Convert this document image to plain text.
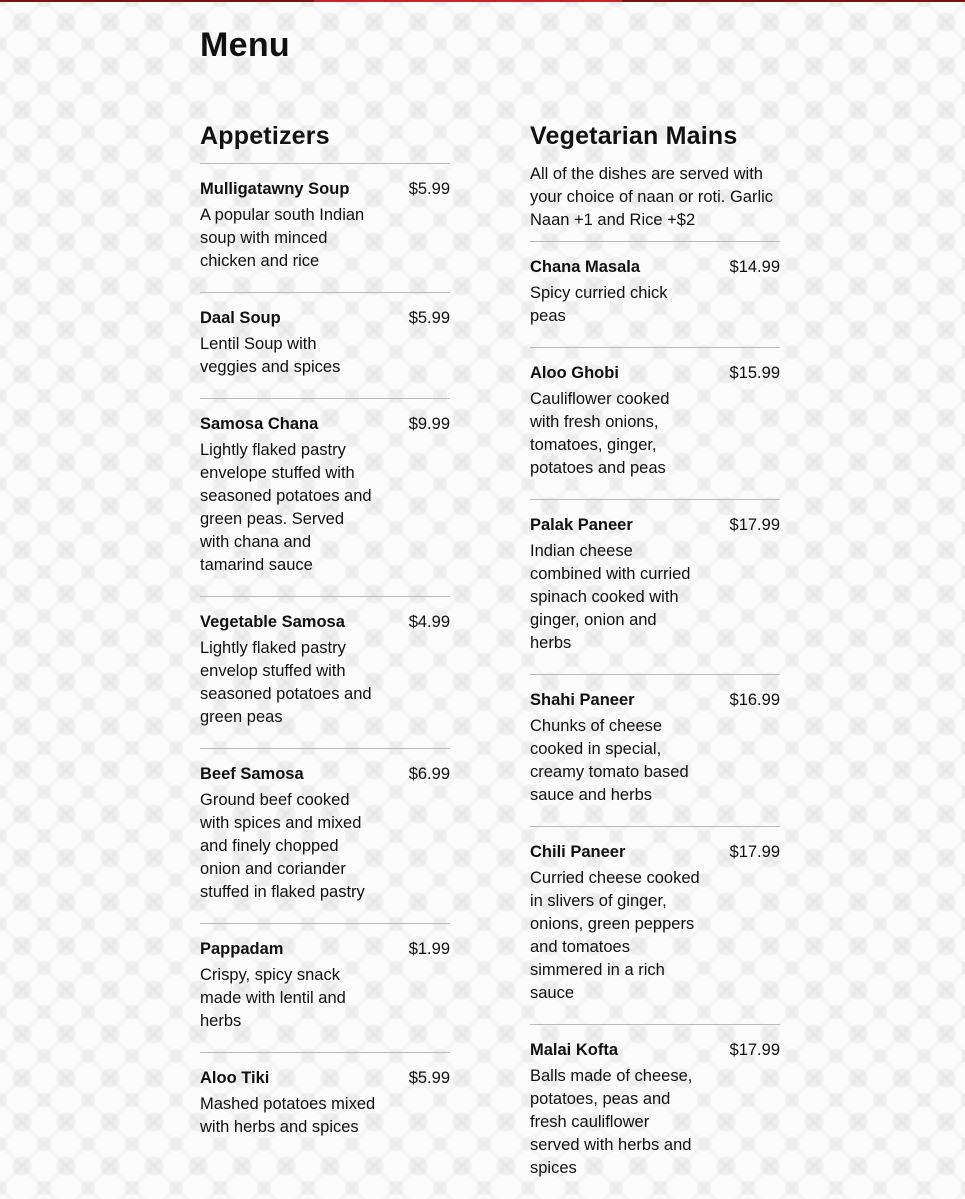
Menu
Appetizers
Mulligatawny Soup	$5.99
A popular south Indian soup with minced chicken and rice
Daal Soup	$5.99
Lentil Soup with veggies and spices
Samosa Chana	$9.99
Lightly flaked pastry envelope stuffed with seasoned potatoes and green peas. Served with chana and tamarind sauce
Vegetable Samosa	$4.99
Lightly flaked pastry envelop stuffed with seasoned potatoes and green peas
Beef Samosa	$6.99
Ground beef cooked with spices and mixed and finely chopped onion and coriander stuffed in flaked pastry
Pappadam	$1.99
Crispy, spicy snack made with lentil and herbs
Aloo Tiki	$5.99
Mashed potatoes mixed with herbs and spices
Vegetarian Mains

All of the dishes are served with your choice of naan or roti. Garlic Naan +1 and Rice +$2

Chana Masala	$14.99
Spicy curried chick peas
Aloo Ghobi	$15.99
Cauliflower cooked with fresh onions, tomatoes, ginger, potatoes and peas
Palak Paneer	$17.99
Indian cheese combined with curried spinach cooked with ginger, onion and herbs
Shahi Paneer	$16.99
Chunks of cheese cooked in special, creamy tomato based sauce and herbs
Chili Paneer	$17.99
Curried cheese cooked in slivers of ginger, onions, green peppers and tomatoes simmered in a rich sauce
Malai Kofta	$17.99
Balls made of cheese, potatoes, peas and fresh cauliflower served with herbs and spices
